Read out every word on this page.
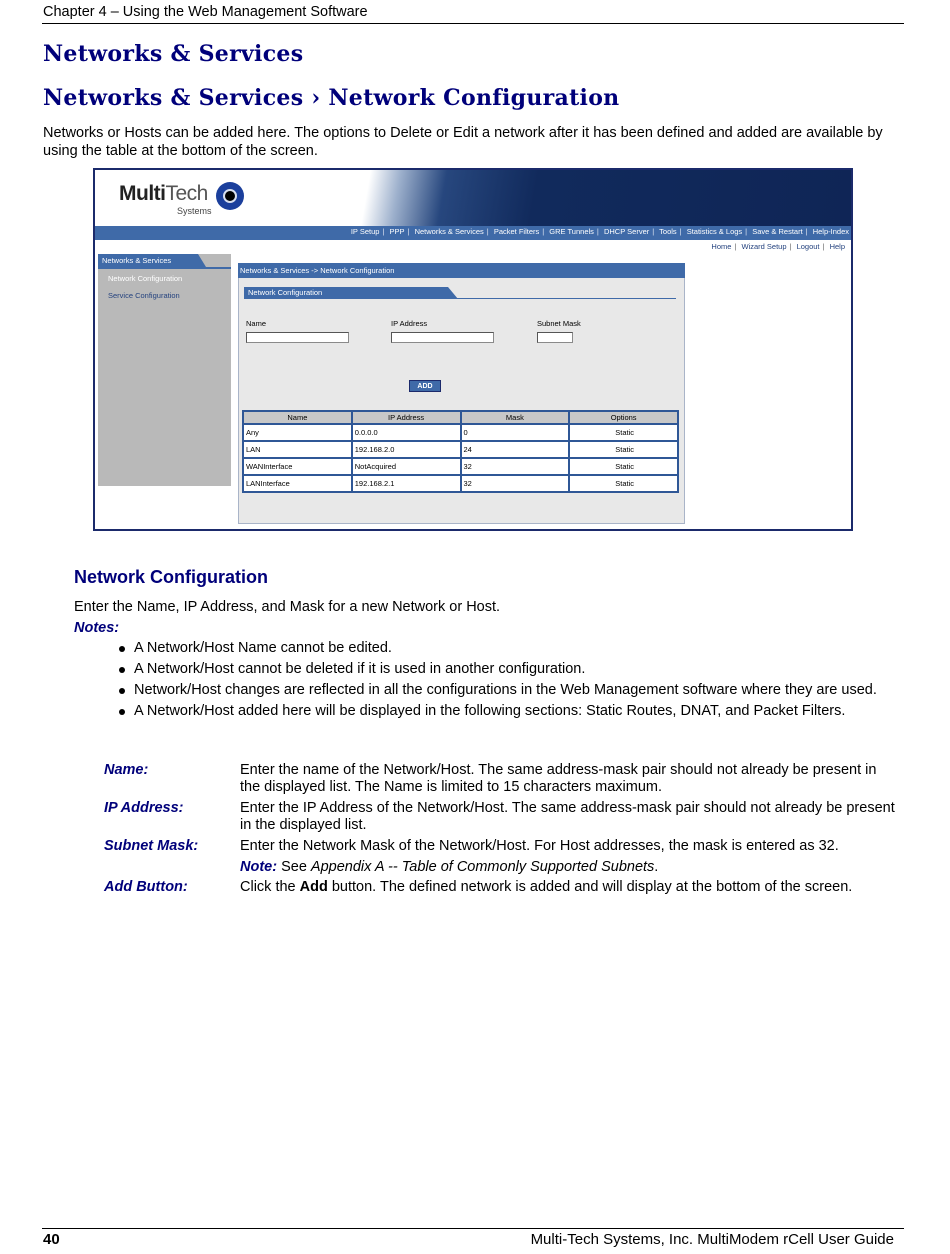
Chapter 4 – Using the Web Management Software
Networks & Services
Networks & Services › Network Configuration

Networks or Hosts can be added here. The options to Delete or Edit a network after it has been defined and added are available by using the table at the bottom of the screen.

MultiTech
Systems
IP Setup | PPP | Networks & Services | Packet Filters | GRE Tunnels | DHCP Server | Tools | Statistics & Logs | Save & Restart | Help-Index
Home | Wizard Setup | Logout | Help
Networks & Services
Network Configuration
Service Configuration
Networks & Services -> Network Configuration
Network Configuration
Name	IP Address	Subnet Mask
ADD
Name	IP Address	Mask	Options
Any	0.0.0.0	0	Static
LAN	192.168.2.0	24	Static
WANInterface	NotAcquired	32	Static
LANInterface	192.168.2.1	32	Static
Network Configuration
Enter the Name, IP Address, and Mask for a new Network or Host.
Notes:
A Network/Host Name cannot be edited.
A Network/Host cannot be deleted if it is used in another configuration.
Network/Host changes are reflected in all the configurations in the Web Management software where they are used.
A Network/Host added here will be displayed in the following sections: Static Routes, DNAT, and Packet Filters.
Name:	Enter the name of the Network/Host. The same address-mask pair should not already be present in the displayed list. The Name is limited to 15 characters maximum.
IP Address:	Enter the IP Address of the Network/Host. The same address-mask pair should not already be present in the displayed list.
Subnet Mask:	Enter the Network Mask of the Network/Host. For Host addresses, the mask is entered as 32.
Note: See Appendix A -- Table of Commonly Supported Subnets.
Add Button:	Click the Add button. The defined network is added and will display at the bottom of the screen.
40	Multi-Tech Systems, Inc. MultiModem rCell User Guide
